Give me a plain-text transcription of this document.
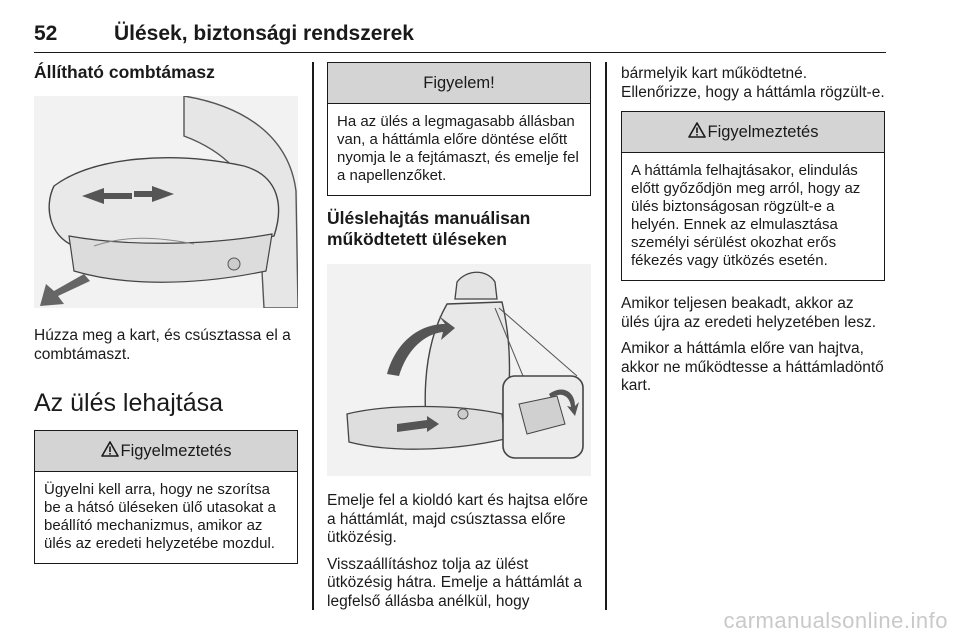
52	Ülések, biztonsági rendszerek
Állítható combtámasz

Húzza meg a kart, és csúsztassa el a combtámaszt.

Az ülés lehajtása
Figyelmeztetés
Ügyelni kell arra, hogy ne szorítsa be a hátsó üléseken ülő utasokat a beállító mechanizmus, amikor az ülés az eredeti helyzetébe mozdul.
Figyelem!
Ha az ülés a legmagasabb állásban van, a háttámla előre döntése előtt nyomja le a fejtámaszt, és emelje fel a napellenzőket.
Üléslehajtás manuálisan működtetett üléseken

Emelje fel a kioldó kart és hajtsa előre a háttámlát, majd csúsztassa előre ütközésig.

Visszaállításhoz tolja az ülést ütközésig hátra. Emelje a háttámlát a legfelső állásba anélkül, hogy

bármelyik kart működtetné. Ellenőrizze, hogy a háttámla rögzült-e.

Figyelmeztetés
A háttámla felhajtásakor, elindulás előtt győződjön meg arról, hogy az ülés biztonságosan rögzült-e a helyén. Ennek az elmulasztása személyi sérülést okozhat erős fékezés vagy ütközés esetén.

Amikor teljesen beakadt, akkor az ülés újra az eredeti helyzetében lesz.

Amikor a háttámla előre van hajtva, akkor ne működtesse a háttámladöntő kart.

carmanualsonline.info
